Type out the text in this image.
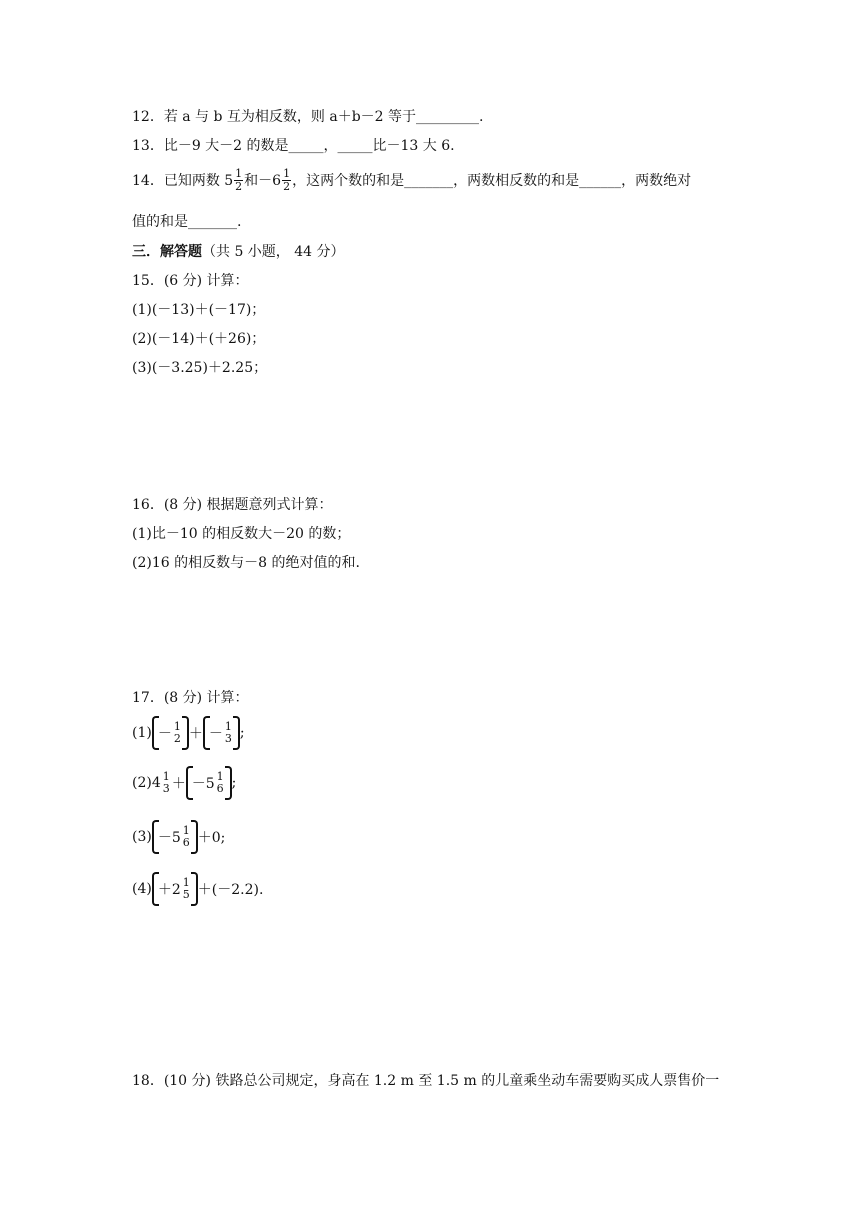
12．若 a 与 b 互为相反数，则 a＋b－2 等于_________.
13．比－9 大－2 的数是_____，_____比－13 大 6.
14．已知两数 $5 \frac{1}{2}$ 和$-6 \frac{1}{2}$ ，这两个数的和是_______，两数相反数的和是______，两数绝对
值的和是_______.
三．解答题（共 5 小题， 44 分）
15．(6 分) 计算：
(1)(－13)＋(－17)；
(2)(－14)＋(＋26)；
(3)(－3.25)＋2.25；
16．(8 分) 根据题意列式计算：
(1)比－10 的相反数大－20 的数；
(2)16 的相反数与－8 的绝对值的和.
17．(8 分) 计算：
(1) － 1
2 ＋ － 1
3 ;
(2)4 1
3 ＋ －5 1
6 ;
(3) －5 1
6 ＋0;
(4) ＋2 1
5 ＋(－2.2).
18．(10 分) 铁路总公司规定，身高在 1.2 m 至 1.5 m 的儿童乘坐动车需要购买成人票售价一
